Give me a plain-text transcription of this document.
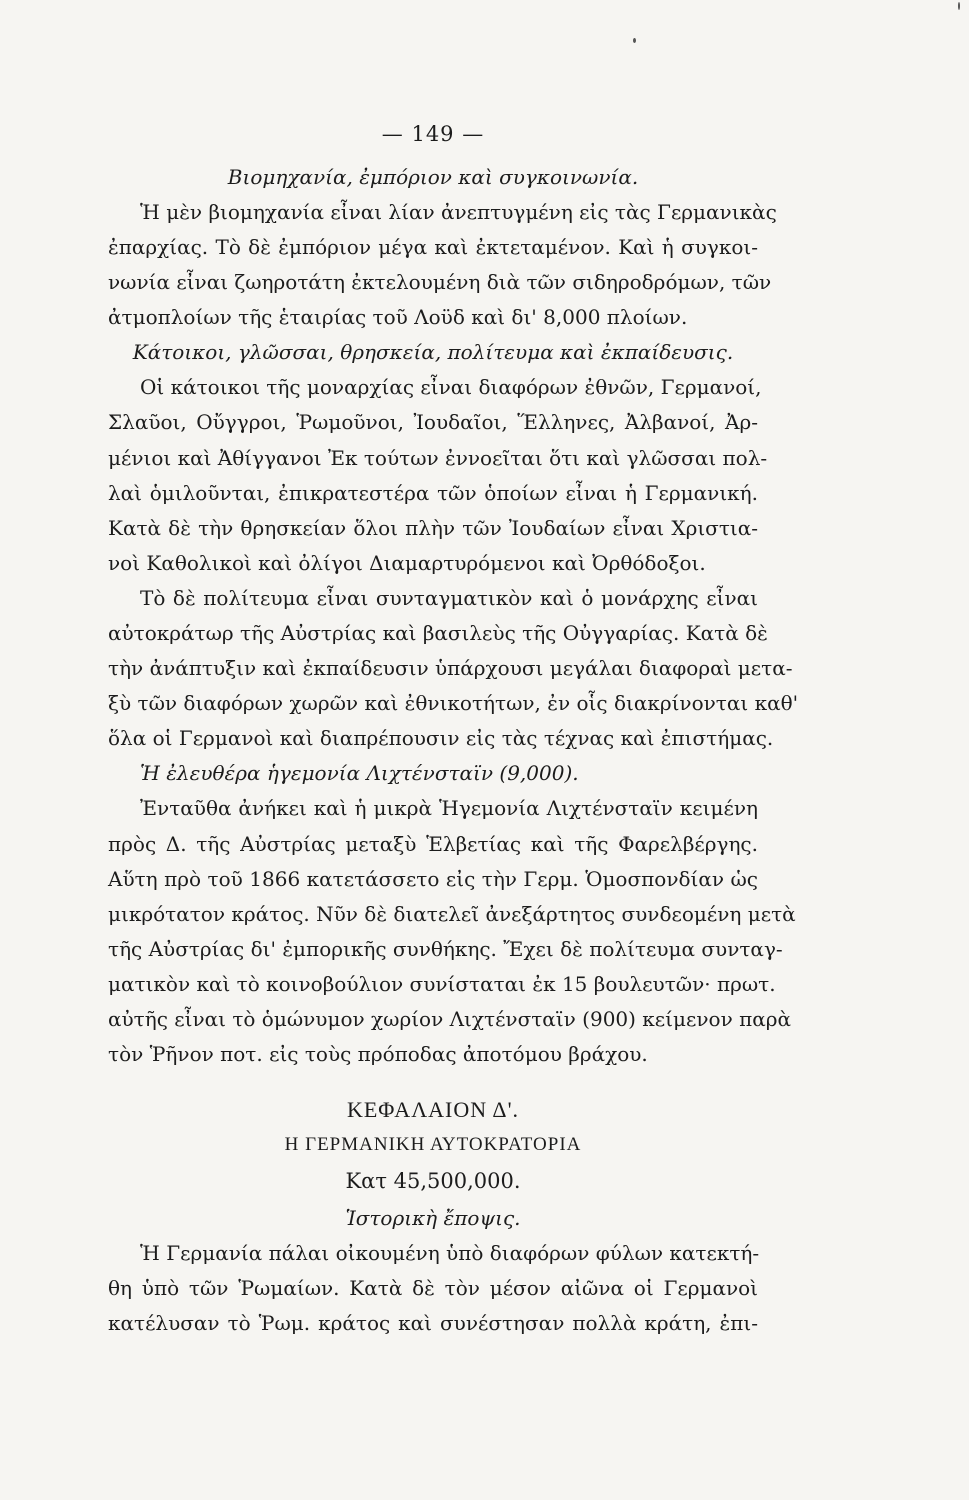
— 149 —
Βιομηχανία, ἐμπόριον καὶ συγκοινωνία.
Ἡ μὲν βιομηχανία εἶναι λίαν ἀνεπτυγμένη εἰς τὰς Γερμανικὰς
ἐπαρχίας. Τὸ δὲ ἐμπόριον μέγα καὶ ἐκτεταμένον. Καὶ ἡ συγκοι-
νωνία εἶναι ζωηροτάτη ἐκτελουμένη διὰ τῶν σιδηροδρόμων, τῶν
ἀτμοπλοίων τῆς ἑταιρίας τοῦ Λοϋδ καὶ δι' 8,000 πλοίων.
Κάτοικοι, γλῶσσαι, θρησκεία, πολίτευμα καὶ ἐκπαίδευσις.
Οἱ κάτοικοι τῆς μοναρχίας εἶναι διαφόρων ἐθνῶν, Γερμανοί,
Σλαῦοι, Οὔγγροι, Ῥωμοῦνοι, Ἰουδαῖοι, Ἕλληνες, Ἀλβανοί, Ἀρ-
μένιοι καὶ Ἀθίγγανοι Ἐκ τούτων ἐννοεῖται ὅτι καὶ γλῶσσαι πολ-
λαὶ ὁμιλοῦνται, ἐπικρατεστέρα τῶν ὁποίων εἶναι ἡ Γερμανική.
Κατὰ δὲ τὴν θρησκείαν ὅλοι πλὴν τῶν Ἰουδαίων εἶναι Χριστια-
νοὶ Καθολικοὶ καὶ ὀλίγοι Διαμαρτυρόμενοι καὶ Ὀρθόδοξοι.
Τὸ δὲ πολίτευμα εἶναι συνταγματικὸν καὶ ὁ μονάρχης εἶναι
αὐτοκράτωρ τῆς Αὐστρίας καὶ βασιλεὺς τῆς Οὐγγαρίας. Κατὰ δὲ
τὴν ἀνάπτυξιν καὶ ἐκπαίδευσιν ὑπάρχουσι μεγάλαι διαφοραὶ μετα-
ξὺ τῶν διαφόρων χωρῶν καὶ ἐθνικοτήτων, ἐν οἷς διακρίνονται καθ'
ὅλα οἱ Γερμανοὶ καὶ διαπρέπουσιν εἰς τὰς τέχνας καὶ ἐπιστήμας.
Ἡ ἐλευθέρα ἡγεμονία Λιχτένσταϊν (9,000).
Ἐνταῦθα ἀνήκει καὶ ἡ μικρὰ Ἡγεμονία Λιχτένσταϊν κειμένη
πρὸς Δ. τῆς Αὐστρίας μεταξὺ Ἑλβετίας καὶ τῆς Φαρελβέργης.
Αὕτη πρὸ τοῦ 1866 κατετάσσετο εἰς τὴν Γερμ. Ὁμοσπονδίαν ὡς
μικρότατον κράτος. Νῦν δὲ διατελεῖ ἀνεξάρτητος συνδεομένη μετὰ
τῆς Αὐστρίας δι' ἐμπορικῆς συνθήκης. Ἔχει δὲ πολίτευμα συνταγ-
ματικὸν καὶ τὸ κοινοβούλιον συνίσταται ἐκ 15 βουλευτῶν· πρωτ.
αὐτῆς εἶναι τὸ ὁμώνυμον χωρίον Λιχτένσταϊν (900) κείμενον παρὰ
τὸν Ῥῆνον ποτ. εἰς τοὺς πρόποδας ἀποτόμου βράχου.
ΚΕΦΑΛΑΙΟΝ Δ'.
Η ΓΕΡΜΑΝΙΚΗ ΑΥΤΟΚΡΑΤΟΡΙΑ
Κατ 45,500,000.
Ἱστορικὴ ἔποψις.
Ἡ Γερμανία πάλαι οἰκουμένη ὑπὸ διαφόρων φύλων κατεκτή-
θη ὑπὸ τῶν Ῥωμαίων. Κατὰ δὲ τὸν μέσον αἰῶνα οἱ Γερμανοὶ
κατέλυσαν τὸ Ῥωμ. κράτος καὶ συνέστησαν πολλὰ κράτη, ἐπι-
